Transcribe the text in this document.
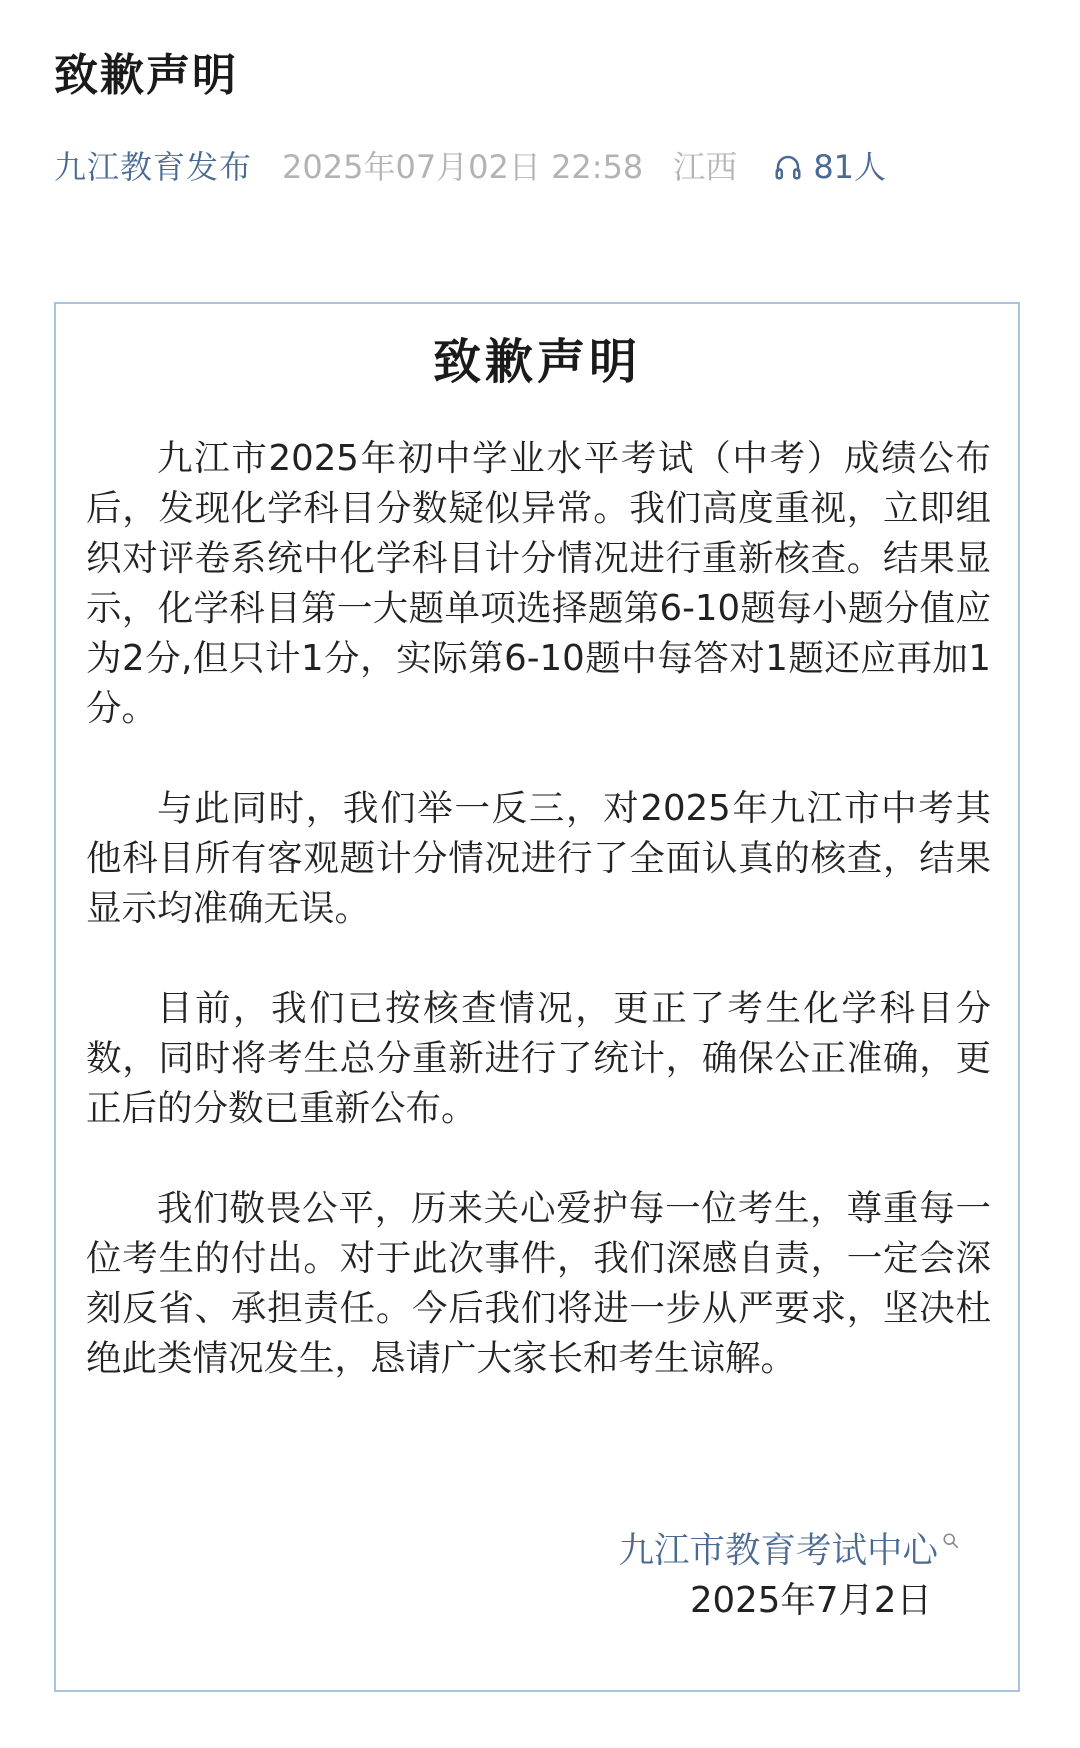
致歉声明
九江教育发布 2025年07月02日 22:58 江西 81人
致歉声明

九江市2025年初中学业水平考试（中考）成绩公布后，发现化学科目分数疑似异常。我们高度重视，立即组织对评卷系统中化学科目计分情况进行重新核查。结果显示，化学科目第一大题单项选择题第6-10题每小题分值应为2分,但只计1分，实际第6-10题中每答对1题还应再加1分。

与此同时，我们举一反三，对2025年九江市中考其他科目所有客观题计分情况进行了全面认真的核查，结果显示均准确无误。

目前，我们已按核查情况，更正了考生化学科目分数，同时将考生总分重新进行了统计，确保公正准确，更正后的分数已重新公布。

我们敬畏公平，历来关心爱护每一位考生，尊重每一位考生的付出。对于此次事件，我们深感自责，一定会深刻反省、承担责任。今后我们将进一步从严要求，坚决杜绝此类情况发生，恳请广大家长和考生谅解。

九江市教育考试中心
2025年7月2日
